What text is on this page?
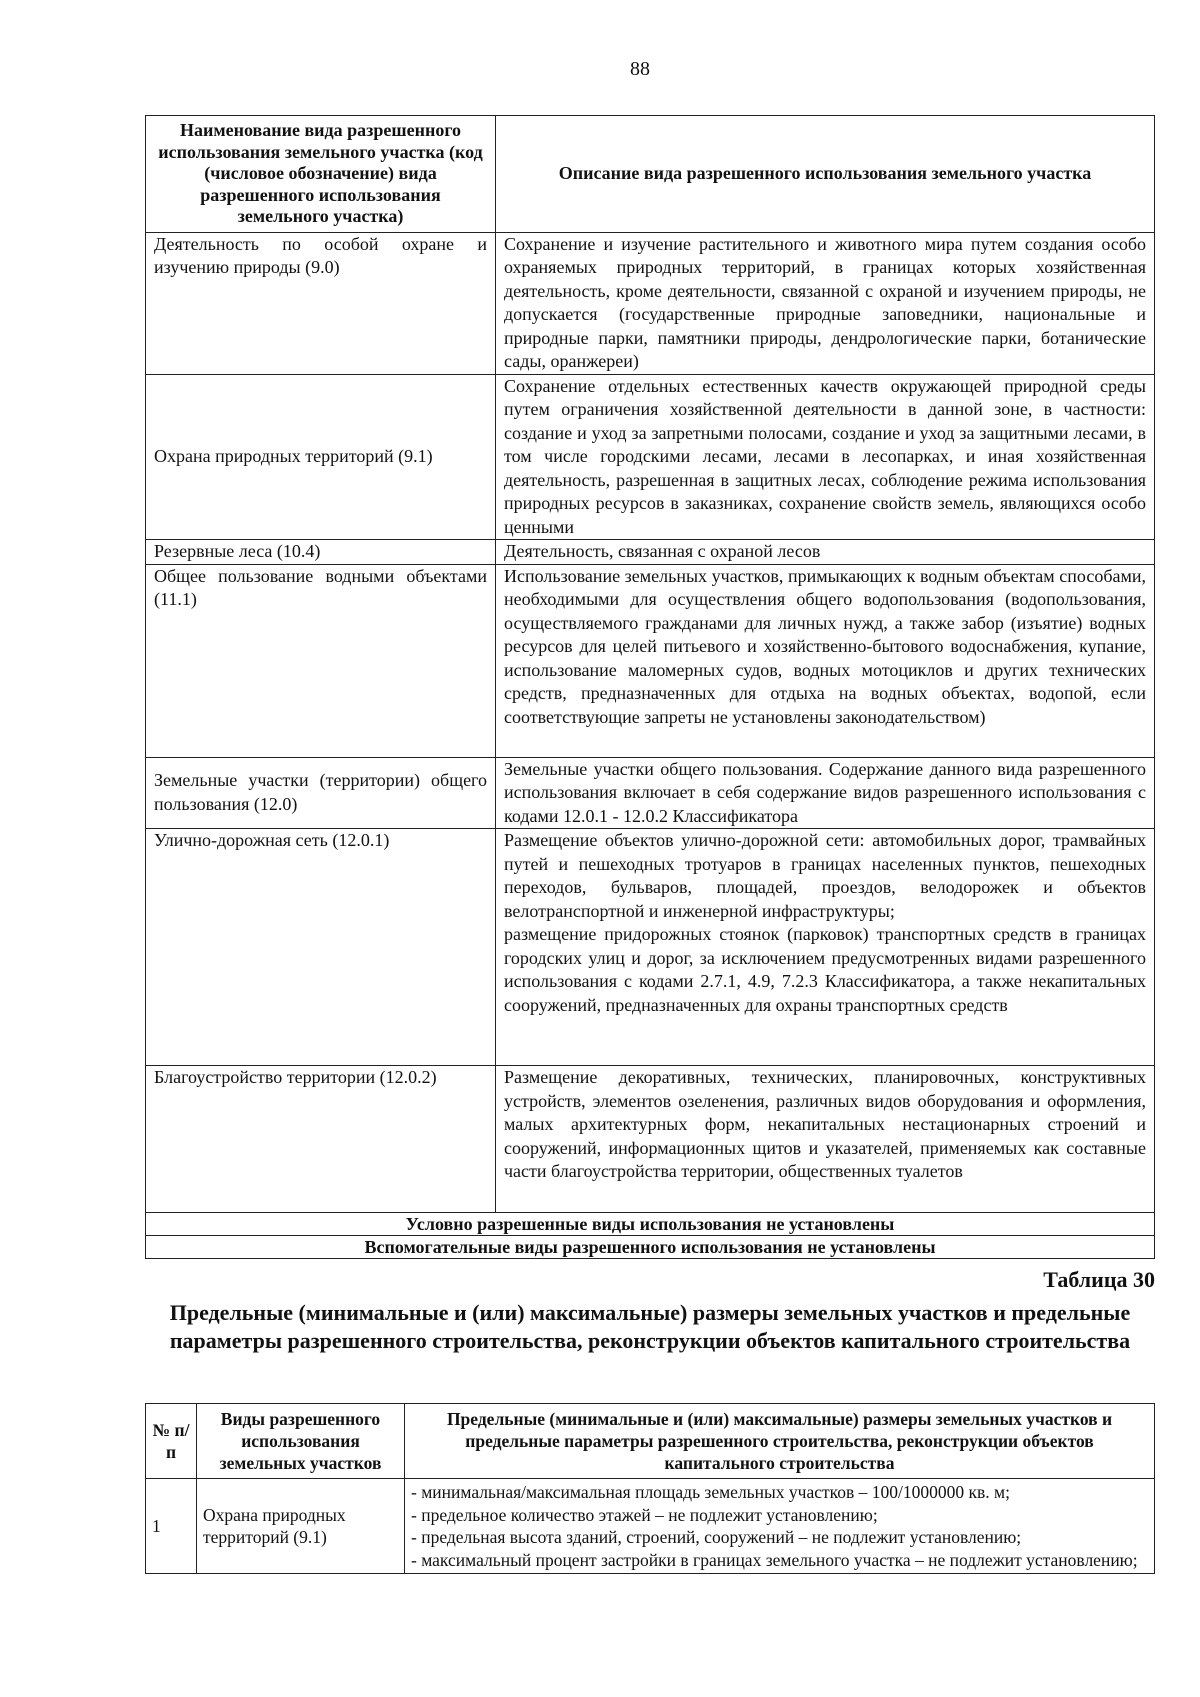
88
Наименование вида разрешенного использования земельного участка (код (числовое обозначение) вида разрешенного использования земельного участка)	Описание вида разрешенного использования земельного участка
Деятельность по особой охране и изучению природы (9.0)	Сохранение и изучение растительного и животного мира путем создания особо охраняемых природных территорий, в границах которых хозяйственная деятельность, кроме деятельности, связанной с охраной и изучением природы, не допускается (государственные природные заповедники, национальные и природные парки, памятники природы, дендрологические парки, ботанические сады, оранжереи)
Охрана природных территорий (9.1)	Сохранение отдельных естественных качеств окружающей природной среды путем ограничения хозяйственной деятельности в данной зоне, в частности: создание и уход за запретными полосами, создание и уход за защитными лесами, в том числе городскими лесами, лесами в лесопарках, и иная хозяйственная деятельность, разрешенная в защитных лесах, соблюдение режима использования природных ресурсов в заказниках, сохранение свойств земель, являющихся особо ценными
Резервные леса (10.4)	Деятельность, связанная с охраной лесов
Общее пользование водными объектами (11.1)	Использование земельных участков, примыкающих к водным объектам способами, необходимыми для осуществления общего водопользования (водопользования, осуществляемого гражданами для личных нужд, а также забор (изъятие) водных ресурсов для целей питьевого и хозяйственно-бытового водоснабжения, купание, использование маломерных судов, водных мотоциклов и других технических средств, предназначенных для отдыха на водных объектах, водопой, если соответствующие запреты не установлены законодательством)
Земельные участки (территории) общего пользования (12.0)	Земельные участки общего пользования. Содержание данного вида разрешенного использования включает в себя содержание видов разрешенного использования с кодами 12.0.1 - 12.0.2 Классификатора
Улично-дорожная сеть (12.0.1)	Размещение объектов улично-дорожной сети: автомобильных дорог, трамвайных путей и пешеходных тротуаров в границах населенных пунктов, пешеходных переходов, бульваров, площадей, проездов, велодорожек и объектов велотранспортной и инженерной инфраструктуры;
размещение придорожных стоянок (парковок) транспортных средств в границах городских улиц и дорог, за исключением предусмотренных видами разрешенного использования с кодами 2.7.1, 4.9, 7.2.3 Классификатора, а также некапитальных сооружений, предназначенных для охраны транспортных средств
Благоустройство территории (12.0.2)	Размещение декоративных, технических, планировочных, конструктивных устройств, элементов озеленения, различных видов оборудования и оформления, малых архитектурных форм, некапитальных нестационарных строений и сооружений, информационных щитов и указателей, применяемых как составные части благоустройства территории, общественных туалетов
Условно разрешенные виды использования не установлены	
Вспомогательные виды разрешенного использования не установлены	
Таблица 30
Предельные (минимальные и (или) максимальные) размеры земельных участков и предельные параметры разрешенного строительства, реконструкции объектов капитального строительства
№ п/п	Виды разрешенного использования земельных участков	Предельные (минимальные и (или) максимальные) размеры земельных участков и предельные параметры разрешенного строительства, реконструкции объектов капитального строительства
1	Охрана природных территорий (9.1)	- минимальная/максимальная площадь земельных участков – 100/1000000 кв. м;
- предельное количество этажей – не подлежит установлению;
- предельная высота зданий, строений, сооружений – не подлежит установлению;
- максимальный процент застройки в границах земельного участка – не подлежит установлению;
